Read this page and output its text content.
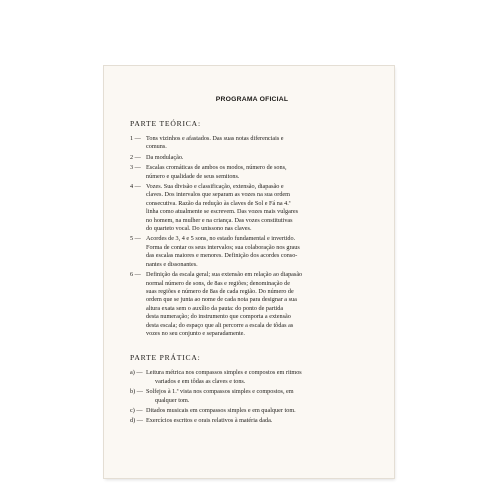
PROGRAMA OFICIAL
PARTE TEÓRICA:
1 — Tons vizinhos e afastados. Das suas notas diferenciais e
comuns.
2 — Da modulação.
3 — Escalas cromáticas de ambos os modos, número de sons,
número e qualidade de seus semitons.
4 — Vozes. Sua divisão e classificação, extensão, diapasão e
claves. Dos intervalos que separam as vozes na sua ordem
consecutiva. Razão da redução às claves de Sol e Fá na 4.ª
linha como atualmente se escrevem. Das vozes mais vulgares
no homem, na mulher e na criança. Das vozes constitutivas
do quarteto vocal. Do unissono nas claves.
5 — Acordes de 3, 4 e 5 sons, no estado fundamental e invertido.
Forma de contar os seus intervalos; sua colaboração nos graus
das escalas maiores e menores. Definição dos acordes conso-
nantes e dissonantes.
6 — Definição da escala geral; sua extensão em relação ao diapasão
normal número de sons, de 8as e regiões; denominação de
suas regiões e número de 8as de cada região. Do número de
ordem que se junta ao nome de cada nota para designar a sua
altura exata sem o auxílio da pauta: do ponto de partida
desta numeração; do instrumento que comporta a extensão
desta escala; do espaço que ali percorre a escala de tôdas as
vozes no seu conjunto e separadamente.
PARTE PRÁTICA:
a) — Leitura métrica nos compassos simples e compostos em ritmos
variados e em tôdas as claves e tons.
b) — Solfejos à 1.ª vista nos compassos simples e compostos, em
qualquer tom.
c) — Ditados musicais em compassos simples e em qualquer tom.
d) — Exercícios escritos e orais relativos à matéria dada.
